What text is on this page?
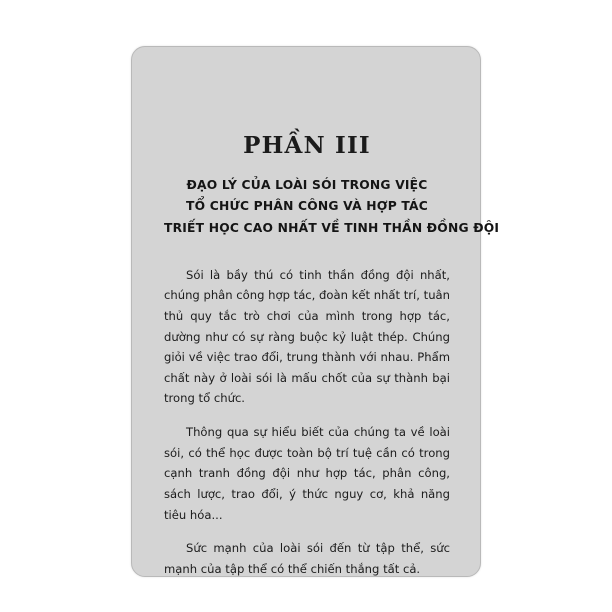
PHẦN III

ĐẠO LÝ CỦA LOÀI SÓI TRONG VIỆC

TỔ CHỨC PHÂN CÔNG VÀ HỢP TÁC

TRIẾT HỌC CAO NHẤT VỀ TINH THẦN ĐỒNG ĐỘI

Sói là bầy thú có tinh thần đồng đội nhất, chúng phân công hợp tác, đoàn kết nhất trí, tuân thủ quy tắc trò chơi của mình trong hợp tác, dường như có sự ràng buộc kỷ luật thép. Chúng giỏi về việc trao đổi, trung thành với nhau. Phẩm chất này ở loài sói là mấu chốt của sự thành bại trong tổ chức.

Thông qua sự hiểu biết của chúng ta về loài sói, có thể học được toàn bộ trí tuệ cần có trong cạnh tranh đồng đội như hợp tác, phân công, sách lược, trao đổi, ý thức nguy cơ, khả năng tiêu hóa...

Sức mạnh của loài sói đến từ tập thể, sức mạnh của tập thể có thể chiến thắng tất cả.
